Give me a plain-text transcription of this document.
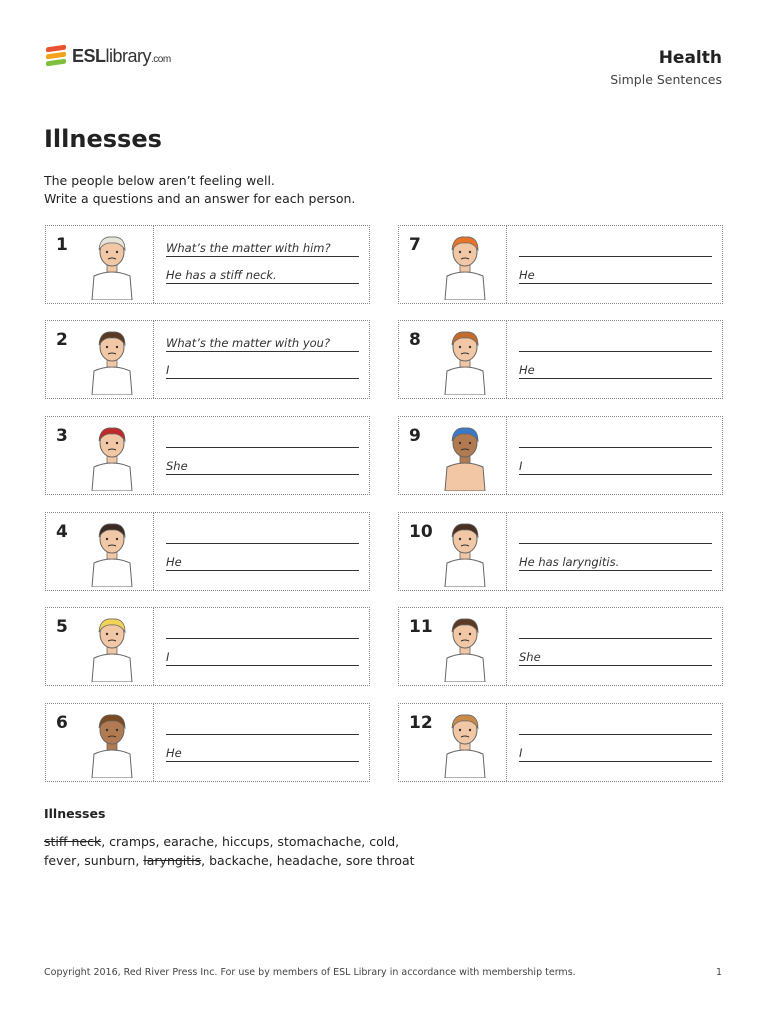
ESLlibrary.com	Health
Simple Sentences
Illnesses
The people below aren’t feeling well.
Write a questions and an answer for each person.
1	What’s the matter with him?
He has a stiff neck.
2	What’s the matter with you?
I
3
She
4
He
5
I
6
He
7
He
8
He
9
I
10
He has laryngitis.
11
She
12
I
Illnesses
stiff neck, cramps, earache, hiccups, stomachache, cold,
fever, sunburn, laryngitis, backache, headache, sore throat
Copyright 2016, Red River Press Inc. For use by members of ESL Library in accordance with membership terms.	1
